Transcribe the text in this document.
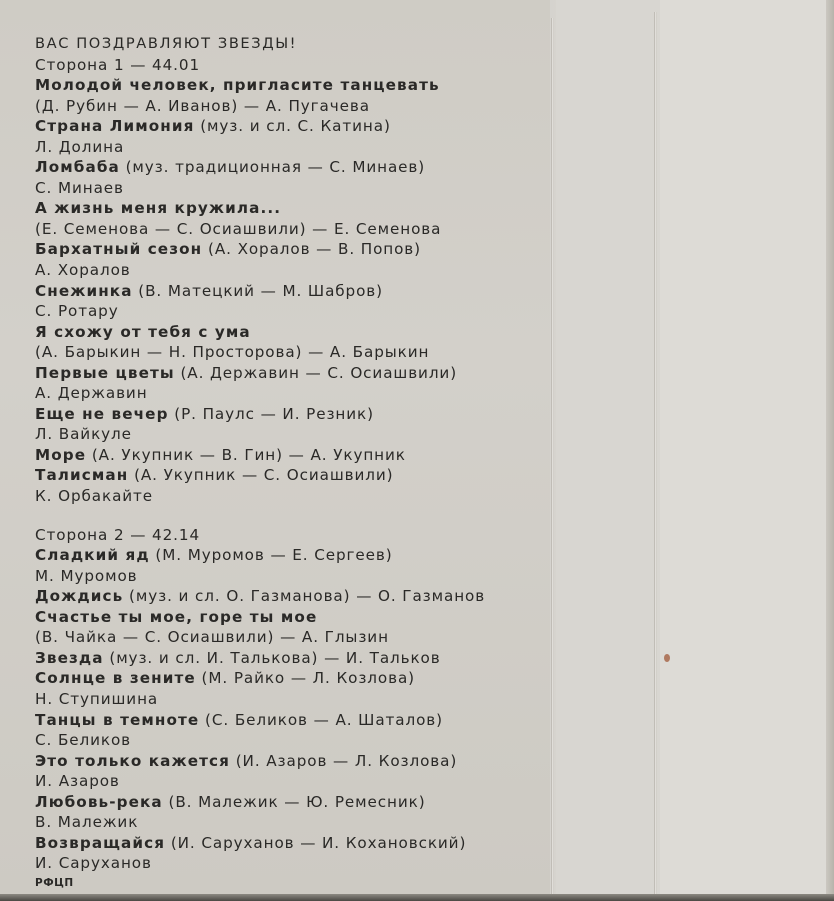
ВАС ПОЗДРАВЛЯЮТ ЗВЕЗДЫ!
Сторона 1 — 44.01
Молодой человек, пригласите танцевать
(Д. Рубин — А. Иванов) — А. Пугачева
Страна Лимония (муз. и сл. С. Катина)
Л. Долина
Ломбаба (муз. традиционная — С. Минаев)
С. Минаев
А жизнь меня кружила...
(Е. Семенова — С. Осиашвили) — Е. Семенова
Бархатный сезон (А. Хоралов — В. Попов)
А. Хоралов
Снежинка (В. Матецкий — М. Шабров)
С. Ротару
Я схожу от тебя с ума
(А. Барыкин — Н. Просторова) — А. Барыкин
Первые цветы (А. Державин — С. Осиашвили)
А. Державин
Еще не вечер (Р. Паулс — И. Резник)
Л. Вайкуле
Море (А. Укупник — В. Гин) — А. Укупник
Талисман (А. Укупник — С. Осиашвили)
К. Орбакайте
Сторона 2 — 42.14
Сладкий яд (М. Муромов — Е. Сергеев)
М. Муромов
Дождись (муз. и сл. О. Газманова) — О. Газманов
Счастье ты мое, горе ты мое
(В. Чайка — С. Осиашвили) — А. Глызин
Звезда (муз. и сл. И. Талькова) — И. Тальков
Солнце в зените (М. Райко — Л. Козлова)
Н. Ступишина
Танцы в темноте (С. Беликов — А. Шаталов)
С. Беликов
Это только кажется (И. Азаров — Л. Козлова)
И. Азаров
Любовь-река (В. Малежик — Ю. Ремесник)
В. Малежик
Возвращайся (И. Саруханов — И. Кохановский)
И. Саруханов
РФЦП
